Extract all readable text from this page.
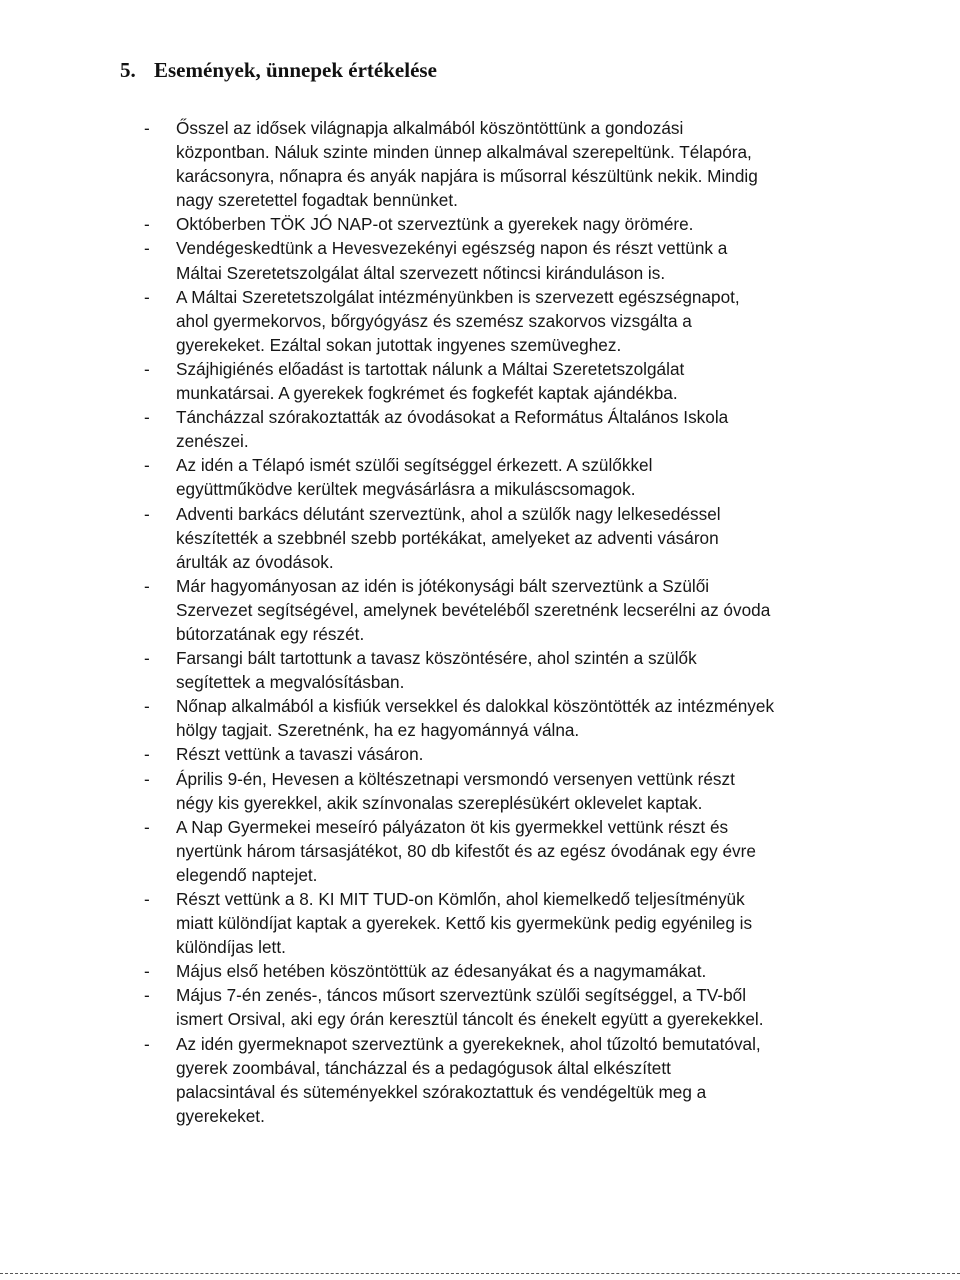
5. Események, ünnepek értékelése
- Ősszel az idősek világnapja alkalmából köszöntöttünk a gondozási
központban. Náluk szinte minden ünnep alkalmával szerepeltünk. Télapóra,
karácsonyra, nőnapra és anyák napjára is műsorral készültünk nekik. Mindig
nagy szeretettel fogadtak bennünket.
- Októberben TÖK JÓ NAP-ot szerveztünk a gyerekek nagy örömére.
- Vendégeskedtünk a Hevesvezekényi egészség napon és részt vettünk a
Máltai Szeretetszolgálat által szervezett nőtincsi kiránduláson is.
- A Máltai Szeretetszolgálat intézményünkben is szervezett egészségnapot,
ahol gyermekorvos, bőrgyógyász és szemész szakorvos vizsgálta a
gyerekeket. Ezáltal sokan jutottak ingyenes szemüveghez.
- Szájhigiénés előadást is tartottak nálunk a Máltai Szeretetszolgálat
munkatársai. A gyerekek fogkrémet és fogkefét kaptak ajándékba.
- Táncházzal szórakoztatták az óvodásokat a Református Általános Iskola
zenészei.
- Az idén a Télapó ismét szülői segítséggel érkezett. A szülőkkel
együttműködve kerültek megvásárlásra a mikuláscsomagok.
- Adventi barkács délutánt szerveztünk, ahol a szülők nagy lelkesedéssel
készítették a szebbnél szebb portékákat, amelyeket az adventi vásáron
árulták az óvodások.
- Már hagyományosan az idén is jótékonysági bált szerveztünk a Szülői
Szervezet segítségével, amelynek bevételéből szeretnénk lecserélni az óvoda
bútorzatának egy részét.
- Farsangi bált tartottunk a tavasz köszöntésére, ahol szintén a szülők
segítettek a megvalósításban.
- Nőnap alkalmából a kisfiúk versekkel és dalokkal köszöntötték az intézmények
hölgy tagjait. Szeretnénk, ha ez hagyománnyá válna.
- Részt vettünk a tavaszi vásáron.
- Április 9-én, Hevesen a költészetnapi versmondó versenyen vettünk részt
négy kis gyerekkel, akik színvonalas szereplésükért oklevelet kaptak.
- A Nap Gyermekei meseíró pályázaton öt kis gyermekkel vettünk részt és
nyertünk három társasjátékot, 80 db kifestőt és az egész óvodának egy évre
elegendő naptejet.
- Részt vettünk a 8. KI MIT TUD-on Kömlőn, ahol kiemelkedő teljesítményük
miatt különdíjat kaptak a gyerekek. Kettő kis gyermekünk pedig egyénileg is
különdíjas lett.
- Május első hetében köszöntöttük az édesanyákat és a nagymamákat.
- Május 7-én zenés-, táncos műsort szerveztünk szülői segítséggel, a TV-ből
ismert Orsival, aki egy órán keresztül táncolt és énekelt együtt a gyerekekkel.
- Az idén gyermeknapot szerveztünk a gyerekeknek, ahol tűzoltó bemutatóval,
gyerek zoombával, táncházzal és a pedagógusok által elkészített
palacsintával és süteményekkel szórakoztattuk és vendégeltük meg a
gyerekeket.
